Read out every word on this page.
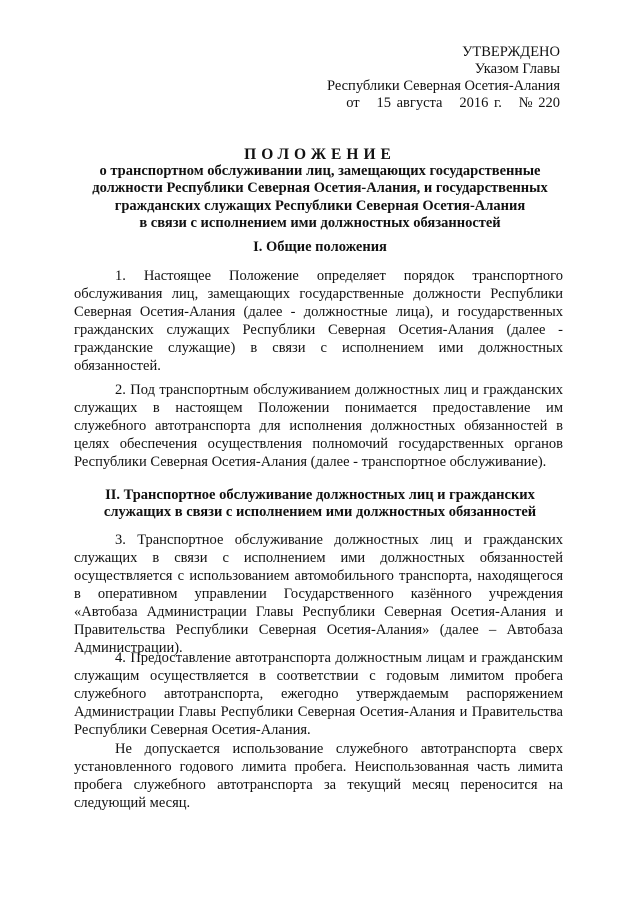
УТВЕРЖДЕНО
Указом Главы
Республики Северная Осетия-Алания
от   15 августа   2016 г.   № 220
ПОЛОЖЕНИЕ
о транспортном обслуживании лиц, замещающих государственные
должности Республики Северная Осетия-Алания, и государственных
гражданских служащих Республики Северная Осетия-Алания
в связи с исполнением ими должностных обязанностей
I. Общие положения

1. Настоящее Положение определяет порядок транспортного обслуживания лиц, замещающих государственные должности Республики Северная Осетия-Алания (далее - должностные лица), и государственных гражданских служащих Республики Северная Осетия-Алания (далее - гражданские служащие) в связи с исполнением ими должностных обязанностей.

2. Под транспортным обслуживанием должностных лиц и гражданских служащих в настоящем Положении понимается предоставление им служебного автотранспорта для исполнения должностных обязанностей в целях обеспечения осуществления полномочий государственных органов Республики Северная Осетия-Алания (далее - транспортное обслуживание).

II. Транспортное обслуживание должностных лиц и гражданских
служащих в связи с исполнением ими должностных обязанностей

3. Транспортное обслуживание должностных лиц и гражданских служащих в связи с исполнением ими должностных обязанностей осуществляется с использованием автомобильного транспорта, находящегося в оперативном управлении Государственного казённого учреждения «Автобаза Администрации Главы Республики Северная Осетия-Алания и Правительства Республики Северная Осетия-Алания» (далее – Автобаза Администрации).

4. Предоставление автотранспорта должностным лицам и гражданским служащим осуществляется в соответствии с годовым лимитом пробега служебного автотранспорта, ежегодно утверждаемым распоряжением Администрации Главы Республики Северная Осетия-Алания и Правительства Республики Северная Осетия-Алания.

Не допускается использование служебного автотранспорта сверх установленного годового лимита пробега. Неиспользованная часть лимита пробега служебного автотранспорта за текущий месяц переносится на следующий месяц.
